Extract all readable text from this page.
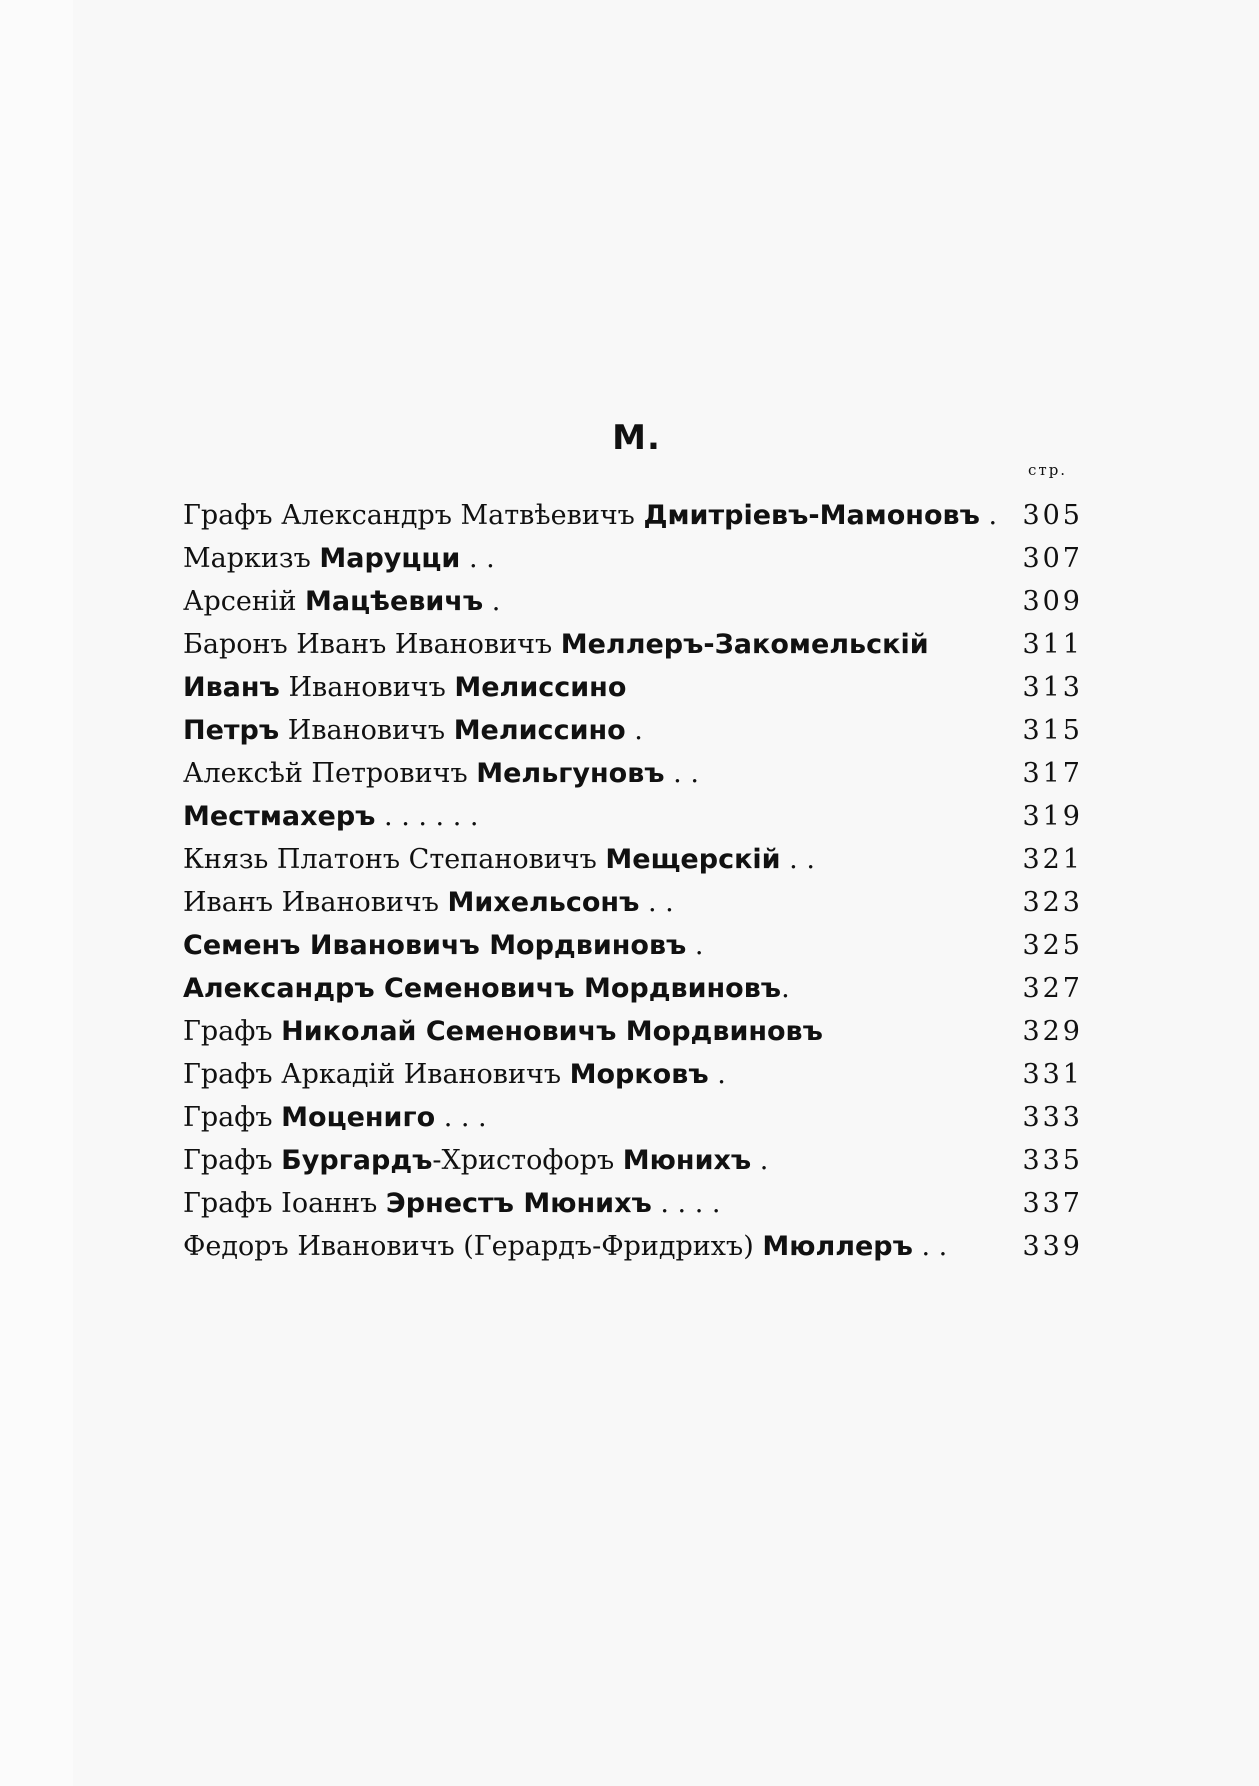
М.
стр.
Графъ Александръ Матвѣевичъ Дмитріевъ-Мамоновъ . 305
Маркизъ Маруцци . .	307
Арсеній Мацѣевичъ .	309
Баронъ Иванъ Ивановичъ Меллеръ-Закомельскій	311
Иванъ Ивановичъ Мелиссино	313
Петръ Ивановичъ Мелиссино .	315
Алексѣй Петровичъ Мельгуновъ . .	317
Местмахеръ . . . . . .	319
Князь Платонъ Степановичъ Мещерскій . .	321
Иванъ Ивановичъ Михельсонъ . .	323
Семенъ Ивановичъ Мордвиновъ .	325
Александръ Семеновичъ Мордвиновъ.	327
Графъ Николай Семеновичъ Мордвиновъ	329
Графъ Аркадій Ивановичъ Морковъ .	331
Графъ Моцениго . . .	333
Графъ Бургардъ-Христофоръ Мюнихъ .	335
Графъ Іоаннъ Эрнестъ Мюнихъ . . . .	337
Федоръ Ивановичъ (Герардъ-Фридрихъ) Мюллеръ . .	339
